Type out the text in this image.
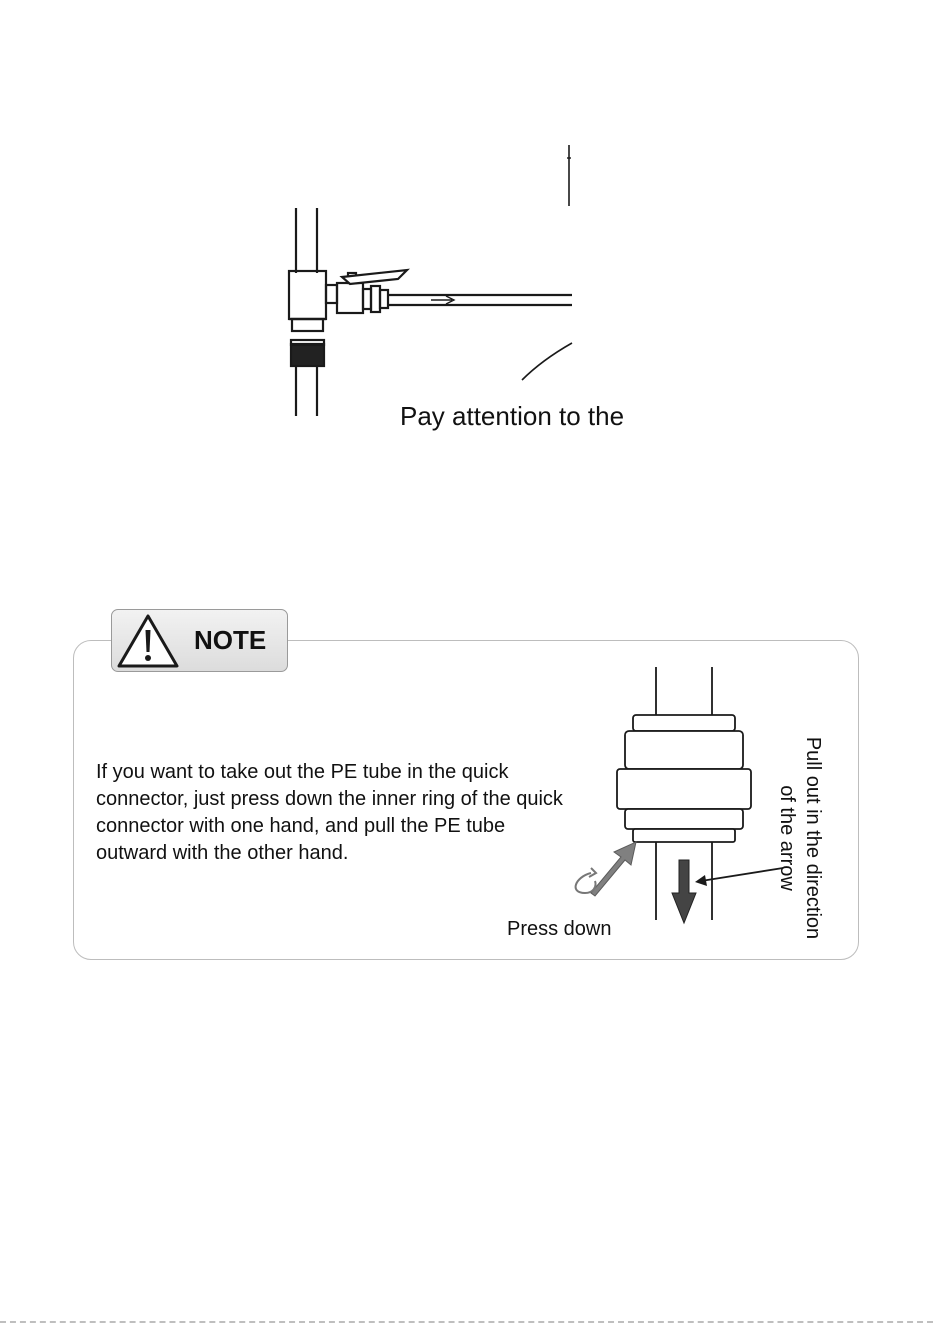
Pay attention to the
NOTE
If you want to take out the PE tube in the quick connector, just press down the inner ring of the quick connector with one hand, and pull the PE tube outward with the other hand.
Press down	Pull out in the direction
of the arrow
